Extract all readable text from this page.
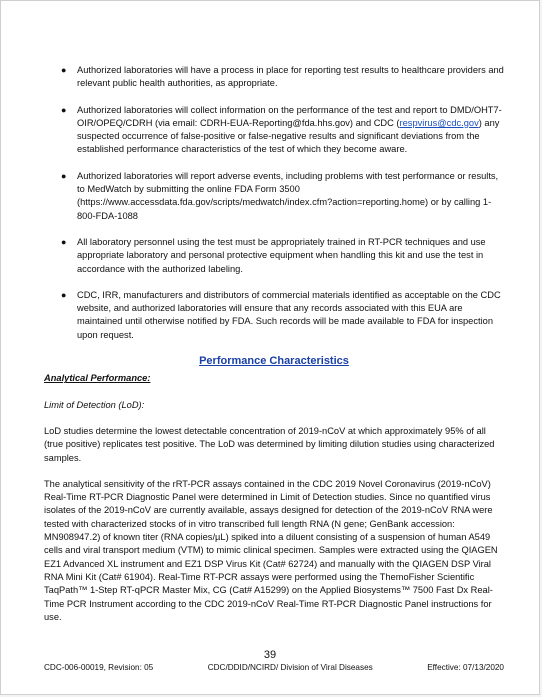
● Authorized laboratories will have a process in place for reporting test results to healthcare providers and relevant public health authorities, as appropriate.
● Authorized laboratories will collect information on the performance of the test and report to DMD/OHT7-OIR/OPEQ/CDRH (via email: CDRH-EUA-Reporting@fda.hhs.gov) and CDC (respvirus@cdc.gov) any suspected occurrence of false-positive or false-negative results and significant deviations from the established performance characteristics of the test of which they become aware.
● Authorized laboratories will report adverse events, including problems with test performance or results, to MedWatch by submitting the online FDA Form 3500 (https://www.accessdata.fda.gov/scripts/medwatch/index.cfm?action=reporting.home) or by calling 1-800-FDA-1088
● All laboratory personnel using the test must be appropriately trained in RT-PCR techniques and use appropriate laboratory and personal protective equipment when handling this kit and use the test in accordance with the authorized labeling.
● CDC, IRR, manufacturers and distributors of commercial materials identified as acceptable on the CDC website, and authorized laboratories will ensure that any records associated with this EUA are maintained until otherwise notified by FDA. Such records will be made available to FDA for inspection upon request.
Performance Characteristics
Analytical Performance:
Limit of Detection (LoD):

LoD studies determine the lowest detectable concentration of 2019-nCoV at which approximately 95% of all (true positive) replicates test positive. The LoD was determined by limiting dilution studies using characterized samples.

The analytical sensitivity of the rRT-PCR assays contained in the CDC 2019 Novel Coronavirus (2019-nCoV) Real-Time RT-PCR Diagnostic Panel were determined in Limit of Detection studies. Since no quantified virus isolates of the 2019-nCoV are currently available, assays designed for detection of the 2019-nCoV RNA were tested with characterized stocks of in vitro transcribed full length RNA (N gene; GenBank accession: MN908947.2) of known titer (RNA copies/µL) spiked into a diluent consisting of a suspension of human A549 cells and viral transport medium (VTM) to mimic clinical specimen. Samples were extracted using the QIAGEN EZ1 Advanced XL instrument and EZ1 DSP Virus Kit (Cat# 62724) and manually with the QIAGEN DSP Viral RNA Mini Kit (Cat# 61904). Real-Time RT-PCR assays were performed using the ThemoFisher Scientific TaqPath™ 1-Step RT-qPCR Master Mix, CG (Cat# A15299) on the Applied Biosystems™ 7500 Fast Dx Real-Time PCR Instrument according to the CDC 2019-nCoV Real-Time RT-PCR Diagnostic Panel instructions for use.

39
CDC-006-00019, Revision: 05	CDC/DDID/NCIRD/ Division of Viral Diseases	Effective: 07/13/2020
